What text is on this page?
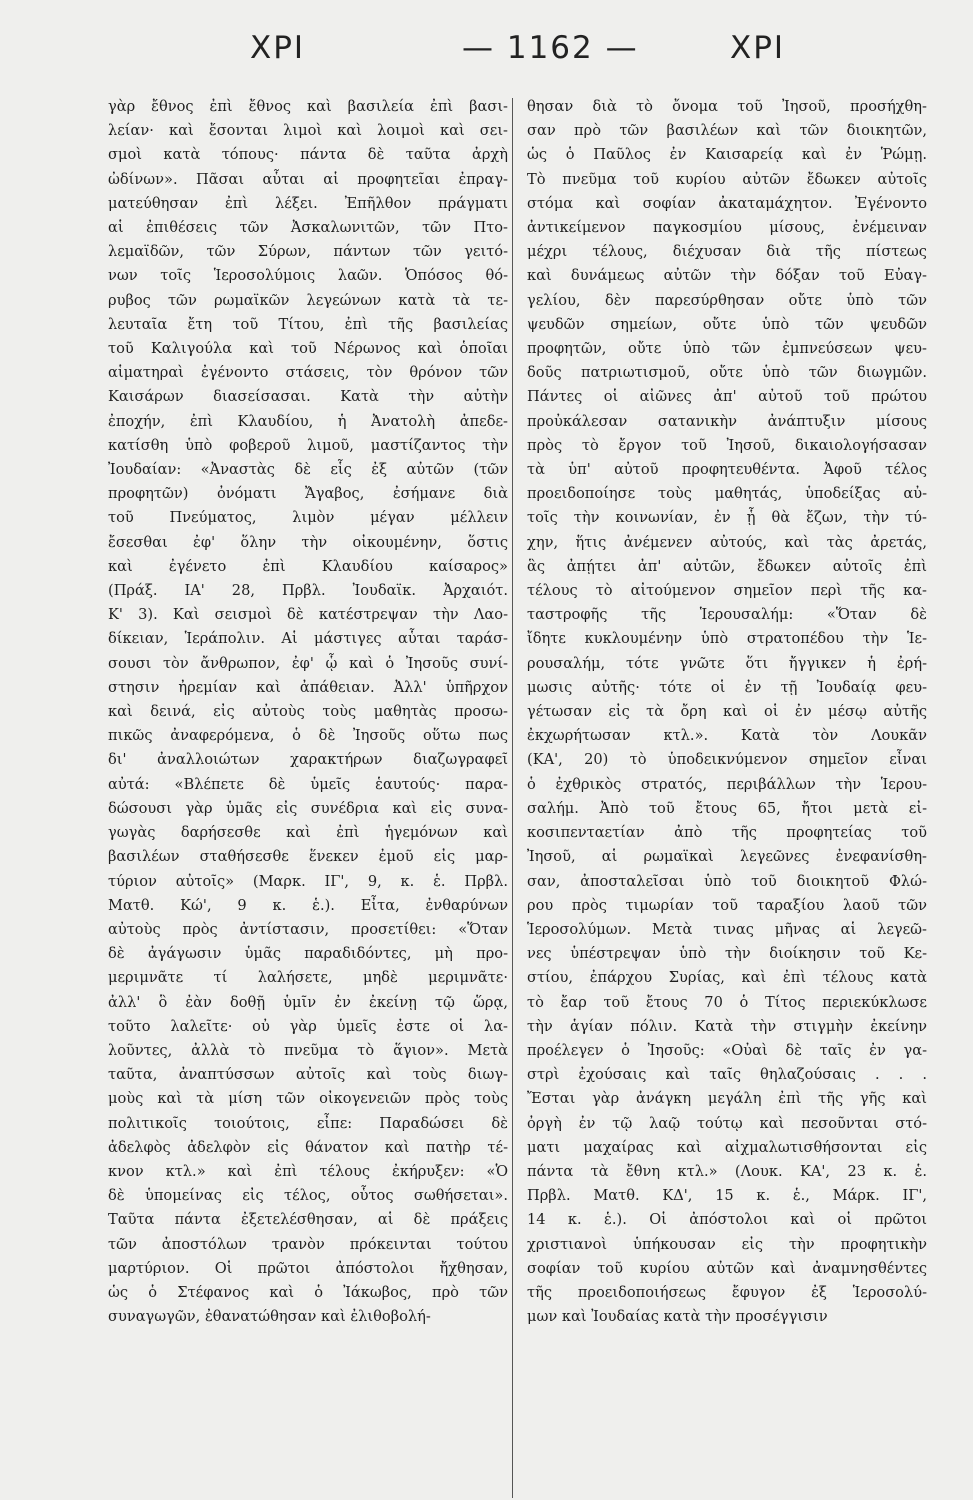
ΧΡΙ	— 1162 —	ΧΡΙ

γὰρ ἔθνος ἐπὶ ἔθνος καὶ βασιλεία ἐπὶ βασι-

λείαν· καὶ ἔσονται λιμοὶ καὶ λοιμοὶ καὶ σει-

σμοὶ κατὰ τόπους· πάντα δὲ ταῦτα ἀρχὴ

ὠδίνων». Πᾶσαι αὗται αἱ προφητεῖαι ἐπραγ-

ματεύθησαν ἐπὶ λέξει. Ἐπῆλθον πράγματι

αἱ ἐπιθέσεις τῶν Ἀσκαλωνιτῶν, τῶν Πτο-

λεμαϊδῶν, τῶν Σύρων, πάντων τῶν γειτό-

νων τοῖς Ἱεροσολύμοις λαῶν. Ὁπόσος θό-

ρυβος τῶν ρωμαϊκῶν λεγεώνων κατὰ τὰ τε-

λευταῖα ἔτη τοῦ Τίτου, ἐπὶ τῆς βασιλείας

τοῦ Καλιγούλα καὶ τοῦ Νέρωνος καὶ ὁποῖαι

αἱματηραὶ ἐγένοντο στάσεις, τὸν θρόνον τῶν

Καισάρων διασείσασαι. Κατὰ τὴν αὐτὴν

ἐποχήν, ἐπὶ Κλαυδίου, ἡ Ἀνατολὴ ἀπεδε-

κατίσθη ὑπὸ φοβεροῦ λιμοῦ, μαστίζαντος τὴν

Ἰουδαίαν: «Ἀναστὰς δὲ εἷς ἐξ αὐτῶν (τῶν

προφητῶν) ὀνόματι Ἄγαβος, ἐσήμανε διὰ

τοῦ Πνεύματος, λιμὸν μέγαν μέλλειν

ἔσεσθαι ἐφ' ὅλην τὴν οἰκουμένην, ὅστις

καὶ ἐγένετο ἐπὶ Κλαυδίου καίσαρος»

(Πράξ. ΙΑ' 28, Πρβλ. Ἰουδαϊκ. Ἀρχαιότ.

Κ' 3). Καὶ σεισμοὶ δὲ κατέστρεψαν τὴν Λαο-

δίκειαν, Ἱεράπολιν. Αἱ μάστιγες αὗται ταράσ-

σουσι τὸν ἄνθρωπον, ἐφ' ᾧ καὶ ὁ Ἰησοῦς συνί-

στησιν ἠρεμίαν καὶ ἀπάθειαν. Ἀλλ' ὑπῆρχον

καὶ δεινά, εἰς αὐτοὺς τοὺς μαθητὰς προσω-

πικῶς ἀναφερόμενα, ὁ δὲ Ἰησοῦς οὕτω πως

δι' ἀναλλοιώτων χαρακτήρων διαζωγραφεῖ

αὐτά: «Βλέπετε δὲ ὑμεῖς ἑαυτούς· παρα-

δώσουσι γὰρ ὑμᾶς εἰς συνέδρια καὶ εἰς συνα-

γωγὰς δαρήσεσθε καὶ ἐπὶ ἡγεμόνων καὶ

βασιλέων σταθήσεσθε ἕνεκεν ἐμοῦ εἰς μαρ-

τύριον αὐτοῖς» (Μαρκ. ΙΓ', 9, κ. ἑ. Πρβλ.

Ματθ. Κώ', 9 κ. ἑ.). Εἶτα, ἐνθαρύνων

αὐτοὺς πρὸς ἀντίστασιν, προσετίθει: «Ὅταν

δὲ ἀγάγωσιν ὑμᾶς παραδιδόντες, μὴ προ-

μεριμνᾶτε τί λαλήσετε, μηδὲ μεριμνᾶτε·

ἀλλ' ὃ ἐὰν δοθῇ ὑμῖν ἐν ἐκείνῃ τῷ ὥρᾳ,

τοῦτο λαλεῖτε· οὐ γὰρ ὑμεῖς ἐστε οἱ λα-

λοῦντες, ἀλλὰ τὸ πνεῦμα τὸ ἅγιον». Μετὰ

ταῦτα, ἀναπτύσσων αὐτοῖς καὶ τοὺς διωγ-

μοὺς καὶ τὰ μίση τῶν οἰκογενειῶν πρὸς τοὺς

πολιτικοῖς τοιούτοις, εἶπε: Παραδώσει δὲ

ἀδελφὸς ἀδελφὸν εἰς θάνατον καὶ πατὴρ τέ-

κνον κτλ.» καὶ ἐπὶ τέλους ἐκήρυξεν: «Ὁ

δὲ ὑπομείνας εἰς τέλος, οὗτος σωθήσεται».

Ταῦτα πάντα ἐξετελέσθησαν, αἱ δὲ πράξεις

τῶν ἀποστόλων τρανὸν πρόκεινται τούτου

μαρτύριον. Οἱ πρῶτοι ἀπόστολοι ἤχθησαν,

ὡς ὁ Στέφανος καὶ ὁ Ἰάκωβος, πρὸ τῶν

συναγωγῶν, ἐθανατώθησαν καὶ ἐλιθοβολή-

θησαν διὰ τὸ ὄνομα τοῦ Ἰησοῦ, προσήχθη-

σαν πρὸ τῶν βασιλέων καὶ τῶν διοικητῶν,

ὡς ὁ Παῦλος ἐν Καισαρείᾳ καὶ ἐν Ῥώμῃ.

Τὸ πνεῦμα τοῦ κυρίου αὐτῶν ἔδωκεν αὐτοῖς

στόμα καὶ σοφίαν ἀκαταμάχητον. Ἐγένοντο

ἀντικείμενον παγκοσμίου μίσους, ἐνέμειναν

μέχρι τέλους, διέχυσαν διὰ τῆς πίστεως

καὶ δυνάμεως αὐτῶν τὴν δόξαν τοῦ Εὐαγ-

γελίου, δὲν παρεσύρθησαν οὔτε ὑπὸ τῶν

ψευδῶν σημείων, οὔτε ὑπὸ τῶν ψευδῶν

προφητῶν, οὔτε ὑπὸ τῶν ἐμπνεύσεων ψευ-

δοῦς πατριωτισμοῦ, οὔτε ὑπὸ τῶν διωγμῶν.

Πάντες οἱ αἰῶνες ἀπ' αὐτοῦ τοῦ πρώτου

προὐκάλεσαν σατανικὴν ἀνάπτυξιν μίσους

πρὸς τὸ ἔργον τοῦ Ἰησοῦ, δικαιολογήσασαν

τὰ ὑπ' αὐτοῦ προφητευθέντα. Ἀφοῦ τέλος

προειδοποίησε τοὺς μαθητάς, ὑποδείξας αὐ-

τοῖς τὴν κοινωνίαν, ἐν ᾗ θὰ ἔζων, τὴν τύ-

χην, ἥτις ἀνέμενεν αὐτούς, καὶ τὰς ἀρετάς,

ἃς ἀπῄτει ἀπ' αὐτῶν, ἔδωκεν αὐτοῖς ἐπὶ

τέλους τὸ αἰτούμενον σημεῖον περὶ τῆς κα-

ταστροφῆς τῆς Ἱερουσαλήμ: «Ὅταν δὲ

ἴδητε κυκλουμένην ὑπὸ στρατοπέδου τὴν Ἱε-

ρουσαλήμ, τότε γνῶτε ὅτι ἤγγικεν ἡ ἐρή-

μωσις αὐτῆς· τότε οἱ ἐν τῇ Ἰουδαίᾳ φευ-

γέτωσαν εἰς τὰ ὄρη καὶ οἱ ἐν μέσῳ αὐτῆς

ἐκχωρήτωσαν κτλ.». Κατὰ τὸν Λουκᾶν

(ΚΑ', 20) τὸ ὑποδεικνύμενον σημεῖον εἶναι

ὁ ἐχθρικὸς στρατός, περιβάλλων τὴν Ἱερου-

σαλήμ. Ἀπὸ τοῦ ἔτους 65, ἤτοι μετὰ εἰ-

κοσιπενταετίαν ἀπὸ τῆς προφητείας τοῦ

Ἰησοῦ, αἱ ρωμαϊκαὶ λεγεῶνες ἐνεφανίσθη-

σαν, ἀποσταλεῖσαι ὑπὸ τοῦ διοικητοῦ Φλώ-

ρου πρὸς τιμωρίαν τοῦ ταραξίου λαοῦ τῶν

Ἱεροσολύμων. Μετὰ τινας μῆνας αἱ λεγεῶ-

νες ὑπέστρεψαν ὑπὸ τὴν διοίκησιν τοῦ Κε-

στίου, ἐπάρχου Συρίας, καὶ ἐπὶ τέλους κατὰ

τὸ ἔαρ τοῦ ἔτους 70 ὁ Τίτος περιεκύκλωσε

τὴν ἁγίαν πόλιν. Κατὰ τὴν στιγμὴν ἐκείνην

προέλεγεν ὁ Ἰησοῦς: «Οὐαὶ δὲ ταῖς ἐν γα-

στρὶ ἐχούσαις καὶ ταῖς θηλαζούσαις . . .

Ἔσται γὰρ ἀνάγκη μεγάλη ἐπὶ τῆς γῆς καὶ

ὀργὴ ἐν τῷ λαῷ τούτῳ καὶ πεσοῦνται στό-

ματι μαχαίρας καὶ αἰχμαλωτισθήσονται εἰς

πάντα τὰ ἔθνη κτλ.» (Λουκ. ΚΑ', 23 κ. ἑ.

Πρβλ. Ματθ. ΚΔ', 15 κ. ἑ., Μάρκ. ΙΓ',

14 κ. ἑ.). Οἱ ἀπόστολοι καὶ οἱ πρῶτοι

χριστιανοὶ ὑπήκουσαν εἰς τὴν προφητικὴν

σοφίαν τοῦ κυρίου αὐτῶν καὶ ἀναμνησθέντες

τῆς προειδοποιήσεως ἔφυγον ἐξ Ἱεροσολύ-

μων καὶ Ἰουδαίας κατὰ τὴν προσέγγισιν
